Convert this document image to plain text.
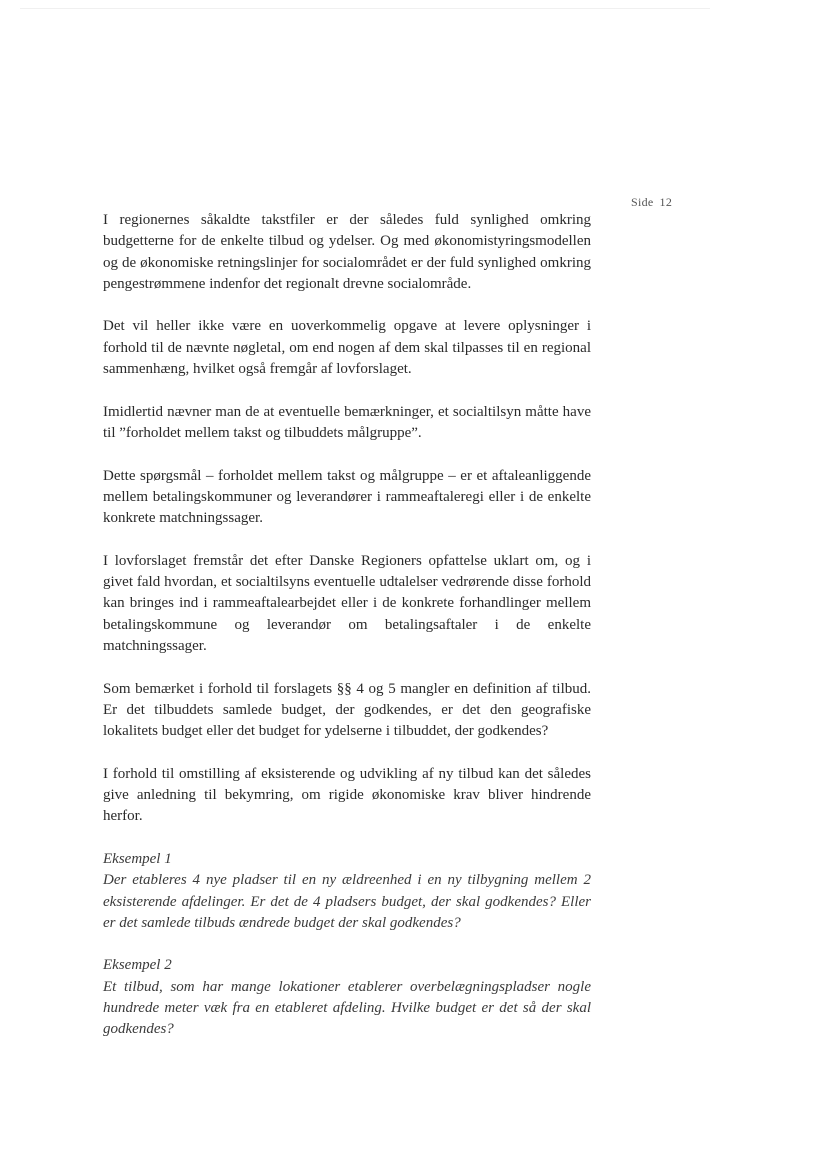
Side 12

I regionernes såkaldte takstfiler er der således fuld synlighed omkring budgetterne for de enkelte tilbud og ydelser. Og med økonomistyringsmodellen og de økonomiske retningslinjer for socialområdet er der fuld synlighed omkring pengestrømmene indenfor det regionalt drevne socialområde.

Det vil heller ikke være en uoverkommelig opgave at levere oplysninger i forhold til de nævnte nøgletal, om end nogen af dem skal tilpasses til en regional sammenhæng, hvilket også fremgår af lovforslaget.

Imidlertid nævner man de at eventuelle bemærkninger, et socialtilsyn måtte have til ”forholdet mellem takst og tilbuddets målgruppe”.

Dette spørgsmål – forholdet mellem takst og målgruppe – er et aftaleanliggende mellem betalingskommuner og leverandører i rammeaftaleregi eller i de enkelte konkrete matchningssager.

I lovforslaget fremstår det efter Danske Regioners opfattelse uklart om, og i givet fald hvordan, et socialtilsyns eventuelle udtalelser vedrørende disse forhold kan bringes ind i rammeaftalearbejdet eller i de konkrete forhandlinger mellem betalingskommune og leverandør om betalingsaftaler i de enkelte matchningssager.

Som bemærket i forhold til forslagets §§ 4 og 5 mangler en definition af tilbud. Er det tilbuddets samlede budget, der godkendes, er det den geografiske lokalitets budget eller det budget for ydelserne i tilbuddet, der godkendes?

I forhold til omstilling af eksisterende og udvikling af ny tilbud kan det således give anledning til bekymring, om rigide økonomiske krav bliver hindrende herfor.

Eksempel 1

Der etableres 4 nye pladser til en ny ældreenhed i en ny tilbygning mellem 2 eksisterende afdelinger. Er det de 4 pladsers budget, der skal godkendes? Eller er det samlede tilbuds ændrede budget der skal godkendes?

Eksempel 2

Et tilbud, som har mange lokationer etablerer overbelægningspladser nogle hundrede meter væk fra en etableret afdeling. Hvilke budget er det så der skal godkendes?
